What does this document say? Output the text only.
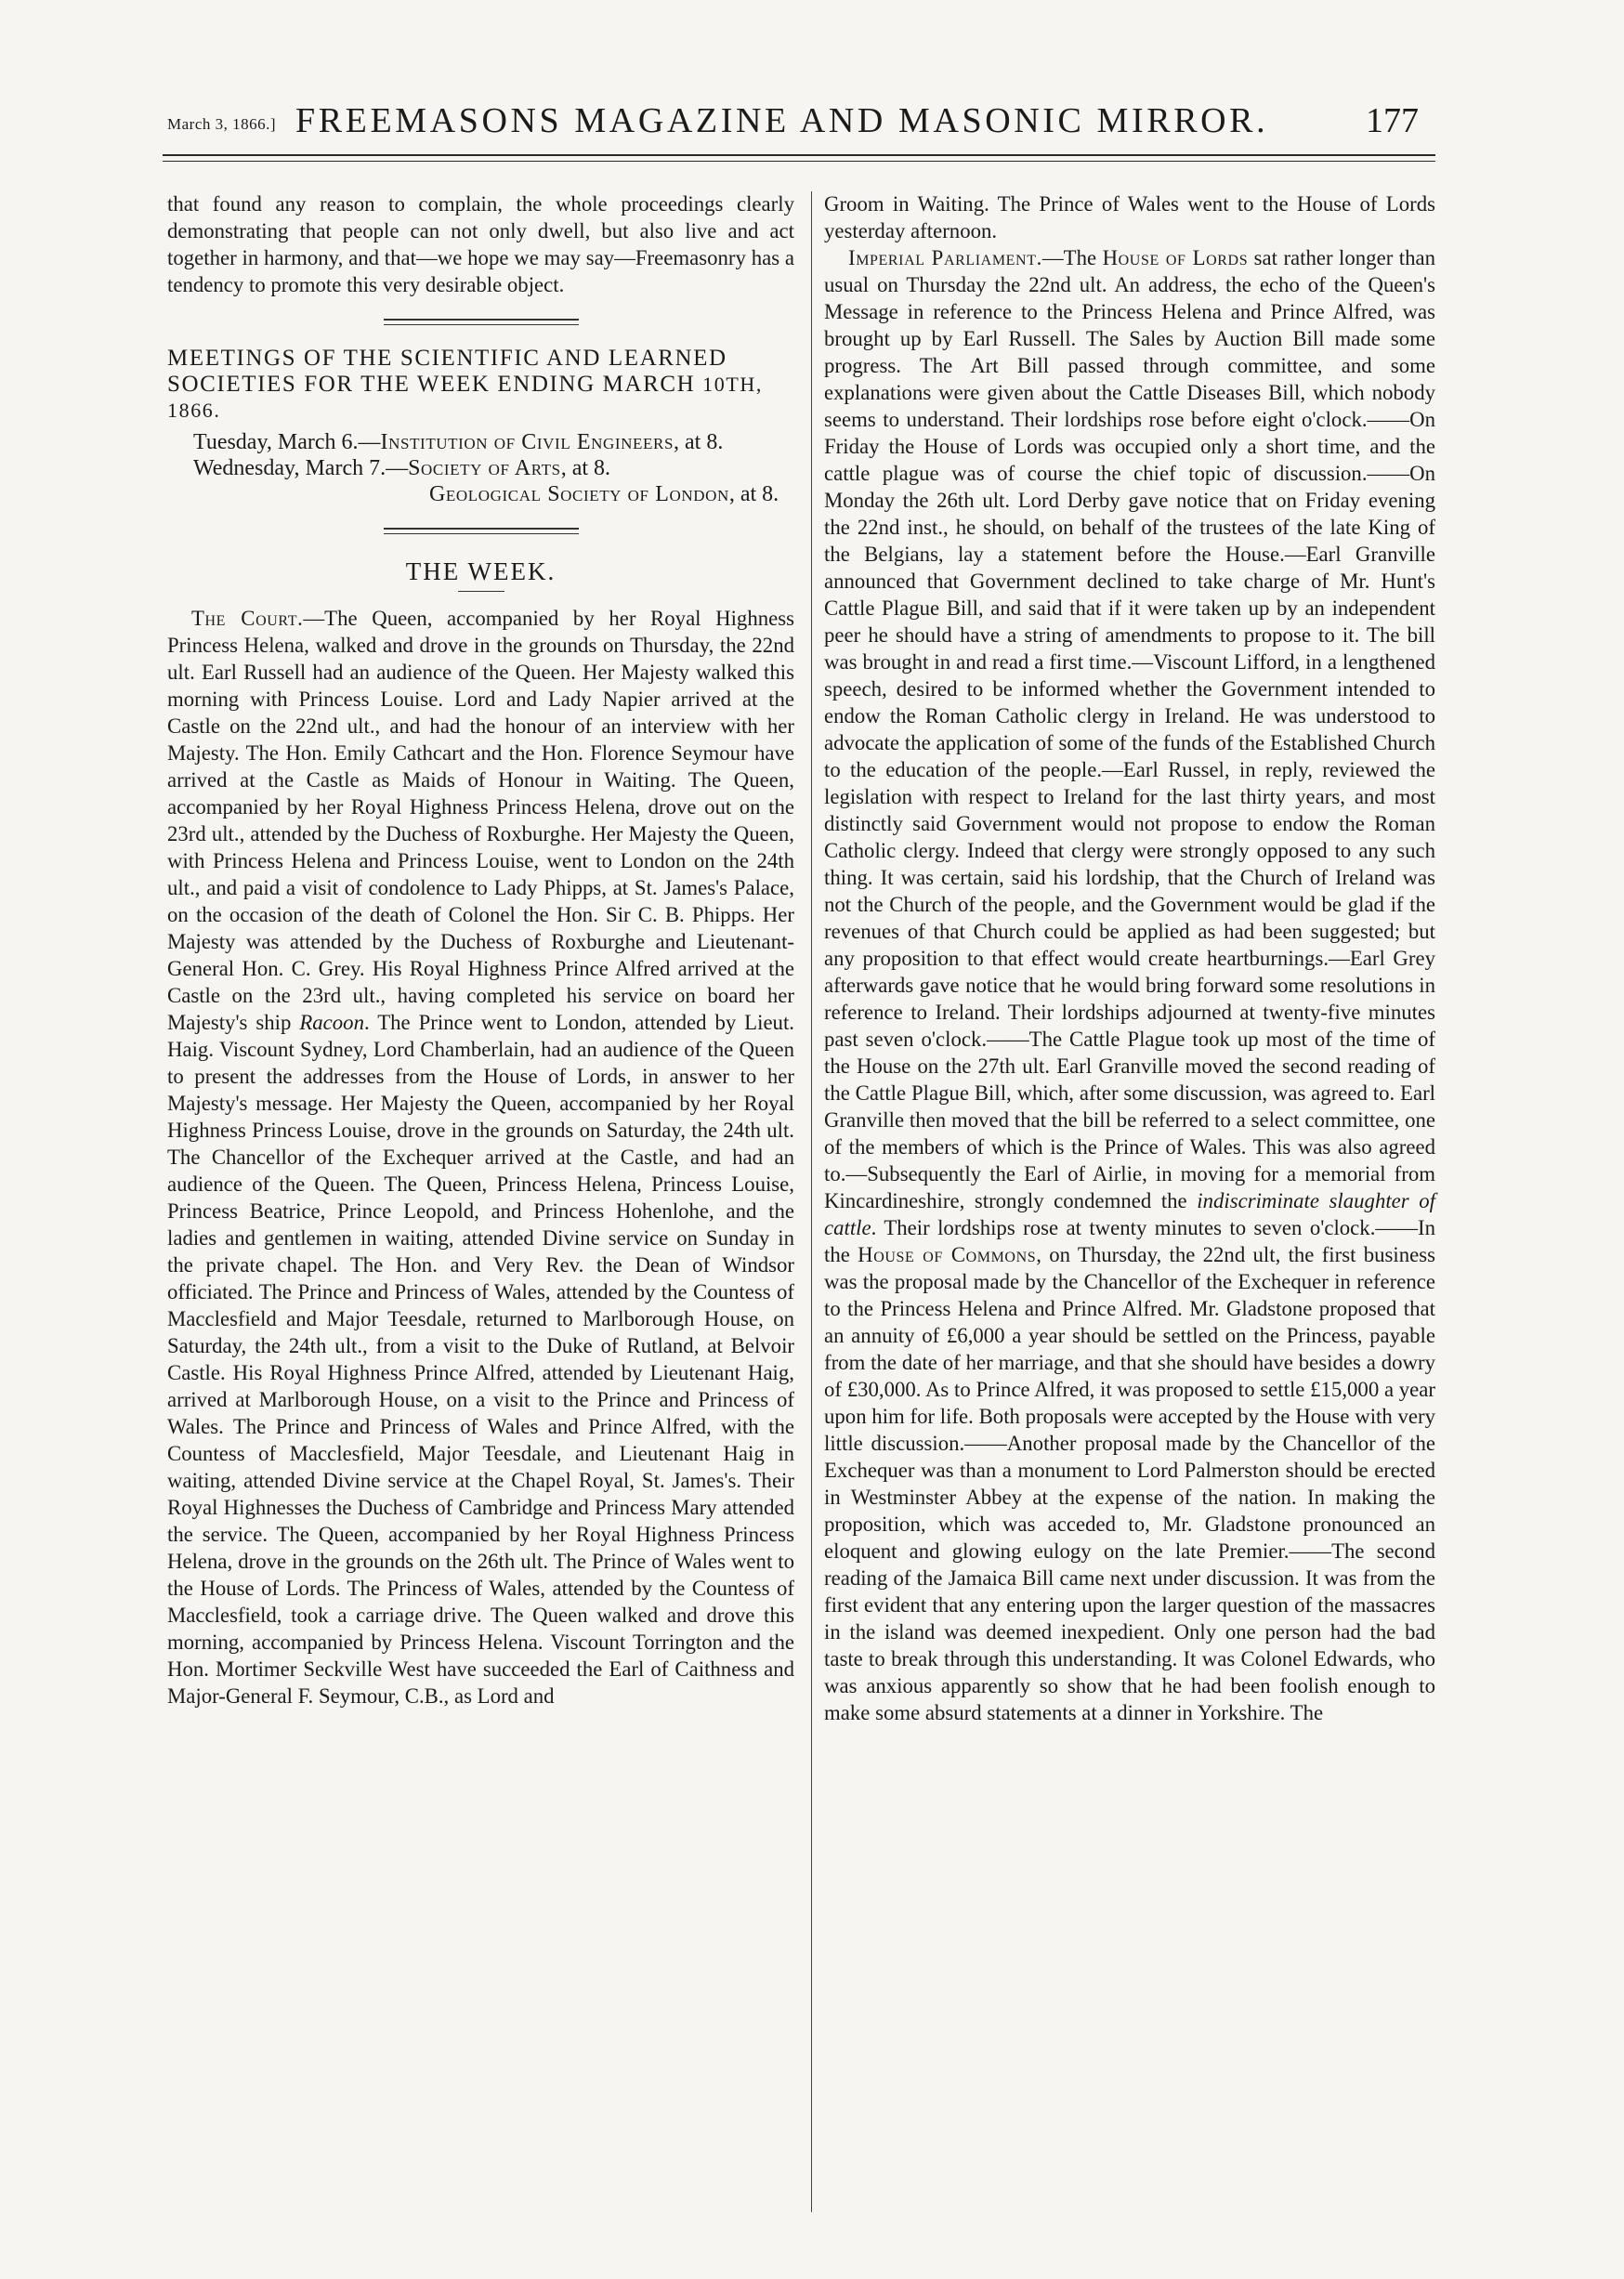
March 3, 1866.] FREEMASONS MAGAZINE AND MASONIC MIRROR.	177

that found any reason to complain, the whole proceedings clearly demonstrating that people can not only dwell, but also live and act together in harmony, and that—we hope we may say—Freemasonry has a tendency to promote this very desirable object.

MEETINGS OF THE SCIENTIFIC AND LEARNED SOCIETIES FOR THE WEEK ENDING MARCH 10TH, 1866.

Tuesday, March 6.—Institution of Civil Engineers, at 8.

Wednesday, March 7.—Society of Arts, at 8.

Geological Society of London, at 8.

THE WEEK.

The Court.—The Queen, accompanied by her Royal Highness Princess Helena, walked and drove in the grounds on Thursday, the 22nd ult. Earl Russell had an audience of the Queen. Her Majesty walked this morning with Princess Louise. Lord and Lady Napier arrived at the Castle on the 22nd ult., and had the honour of an interview with her Majesty. The Hon. Emily Cathcart and the Hon. Florence Seymour have arrived at the Castle as Maids of Honour in Waiting. The Queen, accompanied by her Royal Highness Princess Helena, drove out on the 23rd ult., attended by the Duchess of Roxburghe. Her Majesty the Queen, with Princess Helena and Princess Louise, went to London on the 24th ult., and paid a visit of condolence to Lady Phipps, at St. James's Palace, on the occasion of the death of Colonel the Hon. Sir C. B. Phipps. Her Majesty was attended by the Duchess of Roxburghe and Lieutenant-General Hon. C. Grey. His Royal Highness Prince Alfred arrived at the Castle on the 23rd ult., having completed his service on board her Majesty's ship Racoon. The Prince went to London, attended by Lieut. Haig. Viscount Sydney, Lord Chamberlain, had an audience of the Queen to present the addresses from the House of Lords, in answer to her Majesty's message. Her Majesty the Queen, accompanied by her Royal Highness Princess Louise, drove in the grounds on Saturday, the 24th ult. The Chancellor of the Exchequer arrived at the Castle, and had an audience of the Queen. The Queen, Princess Helena, Princess Louise, Princess Beatrice, Prince Leopold, and Princess Hohenlohe, and the ladies and gentlemen in waiting, attended Divine service on Sunday in the private chapel. The Hon. and Very Rev. the Dean of Windsor officiated. The Prince and Princess of Wales, attended by the Countess of Macclesfield and Major Teesdale, returned to Marlborough House, on Saturday, the 24th ult., from a visit to the Duke of Rutland, at Belvoir Castle. His Royal Highness Prince Alfred, attended by Lieutenant Haig, arrived at Marlborough House, on a visit to the Prince and Princess of Wales. The Prince and Princess of Wales and Prince Alfred, with the Countess of Macclesfield, Major Teesdale, and Lieutenant Haig in waiting, attended Divine service at the Chapel Royal, St. James's. Their Royal Highnesses the Duchess of Cambridge and Princess Mary attended the service. The Queen, accompanied by her Royal Highness Princess Helena, drove in the grounds on the 26th ult. The Prince of Wales went to the House of Lords. The Princess of Wales, attended by the Countess of Macclesfield, took a carriage drive. The Queen walked and drove this morning, accompanied by Princess Helena. Viscount Torrington and the Hon. Mortimer Seckville West have succeeded the Earl of Caithness and Major-General F. Seymour, C.B., as Lord and

Groom in Waiting. The Prince of Wales went to the House of Lords yesterday afternoon.

Imperial Parliament.—The House of Lords sat rather longer than usual on Thursday the 22nd ult. An address, the echo of the Queen's Message in reference to the Princess Helena and Prince Alfred, was brought up by Earl Russell. The Sales by Auction Bill made some progress. The Art Bill passed through committee, and some explanations were given about the Cattle Diseases Bill, which nobody seems to understand. Their lordships rose before eight o'clock.——On Friday the House of Lords was occupied only a short time, and the cattle plague was of course the chief topic of discussion.——On Monday the 26th ult. Lord Derby gave notice that on Friday evening the 22nd inst., he should, on behalf of the trustees of the late King of the Belgians, lay a statement before the House.—Earl Granville announced that Government declined to take charge of Mr. Hunt's Cattle Plague Bill, and said that if it were taken up by an independent peer he should have a string of amendments to propose to it. The bill was brought in and read a first time.—Viscount Lifford, in a lengthened speech, desired to be informed whether the Government intended to endow the Roman Catholic clergy in Ireland. He was understood to advocate the application of some of the funds of the Established Church to the education of the people.—Earl Russel, in reply, reviewed the legislation with respect to Ireland for the last thirty years, and most distinctly said Government would not propose to endow the Roman Catholic clergy. Indeed that clergy were strongly opposed to any such thing. It was certain, said his lordship, that the Church of Ireland was not the Church of the people, and the Government would be glad if the revenues of that Church could be applied as had been suggested; but any proposition to that effect would create heartburnings.—Earl Grey afterwards gave notice that he would bring forward some resolutions in reference to Ireland. Their lordships adjourned at twenty-five minutes past seven o'clock.——The Cattle Plague took up most of the time of the House on the 27th ult. Earl Granville moved the second reading of the Cattle Plague Bill, which, after some discussion, was agreed to. Earl Granville then moved that the bill be referred to a select committee, one of the members of which is the Prince of Wales. This was also agreed to.—Subsequently the Earl of Airlie, in moving for a memorial from Kincardineshire, strongly condemned the indiscriminate slaughter of cattle. Their lordships rose at twenty minutes to seven o'clock.——In the House of Commons, on Thursday, the 22nd ult, the first business was the proposal made by the Chancellor of the Exchequer in reference to the Princess Helena and Prince Alfred. Mr. Gladstone proposed that an annuity of £6,000 a year should be settled on the Princess, payable from the date of her marriage, and that she should have besides a dowry of £30,000. As to Prince Alfred, it was proposed to settle £15,000 a year upon him for life. Both proposals were accepted by the House with very little discussion.——Another proposal made by the Chancellor of the Exchequer was than a monument to Lord Palmerston should be erected in Westminster Abbey at the expense of the nation. In making the proposition, which was acceded to, Mr. Gladstone pronounced an eloquent and glowing eulogy on the late Premier.——The second reading of the Jamaica Bill came next under discussion. It was from the first evident that any entering upon the larger question of the massacres in the island was deemed inexpedient. Only one person had the bad taste to break through this understanding. It was Colonel Edwards, who was anxious apparently so show that he had been foolish enough to make some absurd statements at a dinner in Yorkshire. The
